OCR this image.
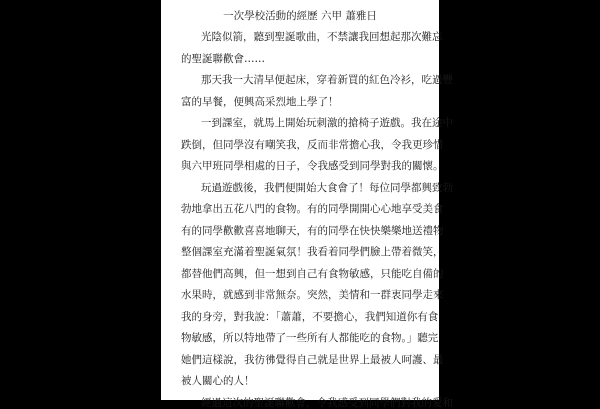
一次學校活動的經歷 六甲 蕭雅日
光陰似箭，聽到聖誕歌曲，不禁讓我回想起那次難忘
的聖誕聯歡會……
那天我一大清早便起床，穿着新買的紅色冷衫，吃過豐
富的早餐，便興高采烈地上學了！
一到課室，就馬上開始玩刺激的搶椅子遊戲。我在途中
跌倒，但同學沒有嘲笑我，反而非常擔心我，令我更珍惜
與六甲班同學相處的日子，令我感受到同學對我的關懷。
玩過遊戲後，我們便開始大食會了！每位同學都興致勃
勃地拿出五花八門的食物。有的同學開開心心地享受美食
有的同學歡歡喜喜地聊天，有的同學在快快樂樂地送禮物
整個課室充滿着聖誕氣氛！我看着同學們臉上帶着微笑，
都替他們高興，但一想到自己有食物敏感，只能吃自備的
水果時，就感到非常無奈。突然，美情和一群衷同學走來
我的身旁，對我說：「蕭蕭，不要擔心，我們知道你有食
物敏感，所以特地帶了一些所有人都能吃的食物。」聽完
她們這樣說，我彷彿覺得自己就是世界上最被人呵護、最
被人關心的人！
經過這次的聖誕聯歡會，令我感受到同學們對我的愛和
